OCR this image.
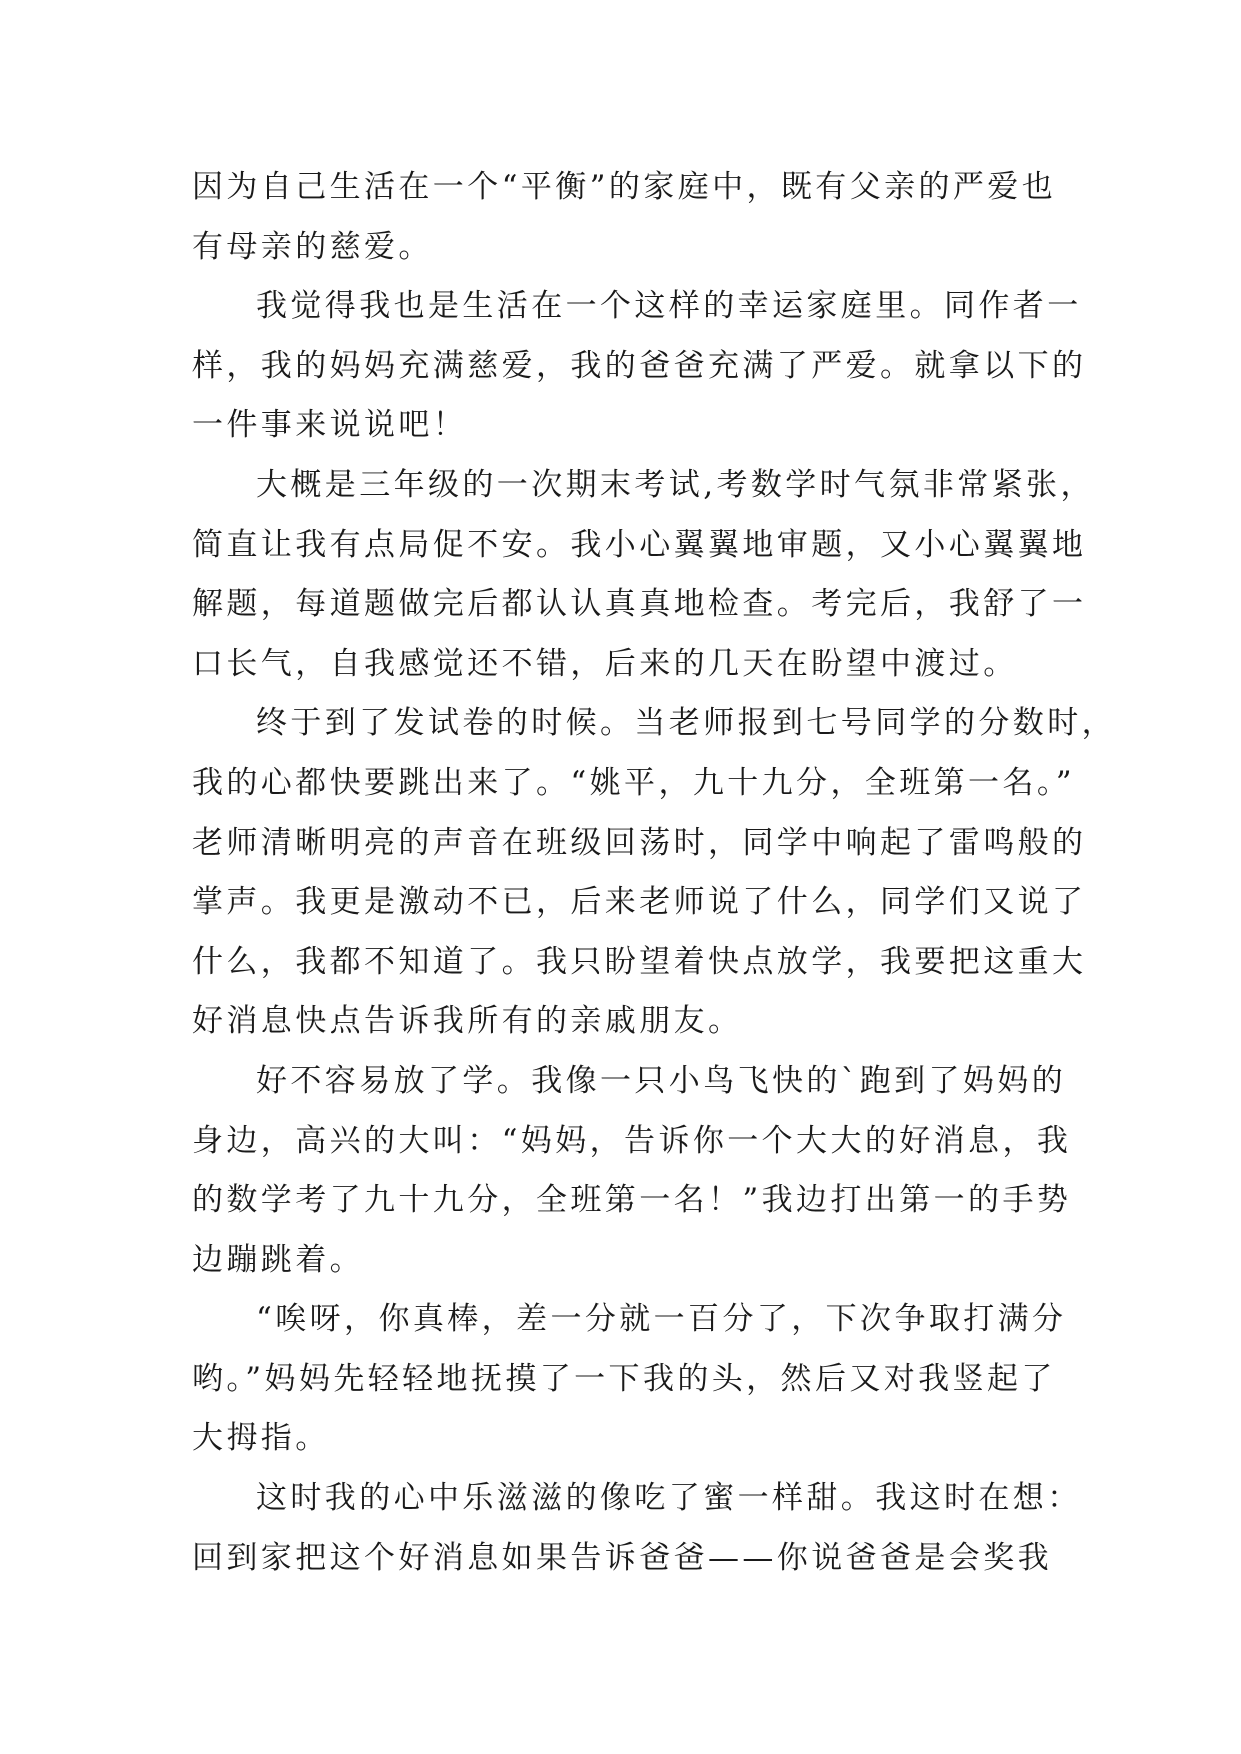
因为自己生活在一个“平衡”的家庭中，既有父亲的严爱也
有母亲的慈爱。
我觉得我也是生活在一个这样的幸运家庭里。同作者一
样，我的妈妈充满慈爱，我的爸爸充满了严爱。就拿以下的
一件事来说说吧！
大概是三年级的一次期末考试,考数学时气氛非常紧张，
简直让我有点局促不安。我小心翼翼地审题，又小心翼翼地
解题，每道题做完后都认认真真地检查。考完后，我舒了一
口长气，自我感觉还不错，后来的几天在盼望中渡过。
终于到了发试卷的时候。当老师报到七号同学的分数时，
我的心都快要跳出来了。“姚平，九十九分，全班第一名。”
老师清晰明亮的声音在班级回荡时，同学中响起了雷鸣般的
掌声。我更是激动不已，后来老师说了什么，同学们又说了
什么，我都不知道了。我只盼望着快点放学，我要把这重大
好消息快点告诉我所有的亲戚朋友。
好不容易放了学。我像一只小鸟飞快的`跑到了妈妈的
身边，高兴的大叫：“妈妈，告诉你一个大大的好消息，我
的数学考了九十九分，全班第一名！”我边打出第一的手势
边蹦跳着。
“唉呀，你真棒，差一分就一百分了，下次争取打满分
哟。”妈妈先轻轻地抚摸了一下我的头，然后又对我竖起了
大拇指。
这时我的心中乐滋滋的像吃了蜜一样甜。我这时在想：
回到家把这个好消息如果告诉爸爸——你说爸爸是会奖我
